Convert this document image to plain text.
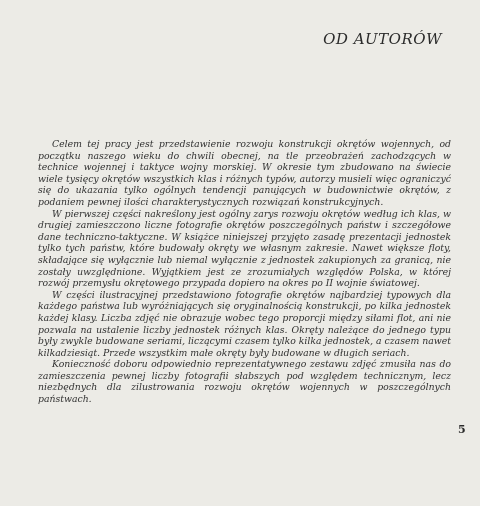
OD AUTORÓW

Celem tej pracy jest przedstawienie rozwoju konstrukcji okrętów wojennych, od początku naszego wieku do chwili obecnej, na tle przeobrażeń zachodzących w technice wojennej i taktyce wojny morskiej. W okresie tym zbudowano na świecie wiele tysięcy okrętów wszystkich klas i różnych typów, autorzy musieli więc ograniczyć się do ukazania tylko ogólnych tendencji panujących w budownictwie okrętów, z podaniem pewnej ilości charakterystycznych rozwiązań konstrukcyjnych.

W pierwszej części nakreślony jest ogólny zarys rozwoju okrętów według ich klas, w drugiej zamieszczono liczne fotografie okrętów poszczególnych państw i szczegółowe dane techniczno-taktyczne. W książce niniejszej przyjęto zasadę prezentacji jednostek tylko tych państw, które budowały okręty we własnym zakresie. Nawet większe floty, składające się wyłącznie lub niemal wyłącznie z jednostek zakupionych za granicą, nie zostały uwzględnione. Wyjątkiem jest ze zrozumiałych względów Polska, w której rozwój przemysłu okrętowego przypada dopiero na okres po II wojnie światowej.

W części ilustracyjnej przedstawiono fotografie okrętów najbardziej typowych dla każdego państwa lub wyróżniających się oryginalnością konstrukcji, po kilka jednostek każdej klasy. Liczba zdjęć nie obrazuje wobec tego proporcji między siłami flot, ani nie pozwala na ustalenie liczby jednostek różnych klas. Okręty należące do jednego typu były zwykle budowane seriami, liczącymi czasem tylko kilka jednostek, a czasem nawet kilkadziesiąt. Przede wszystkim małe okręty były budowane w długich seriach.

Konieczność doboru odpowiednio reprezentatywnego zestawu zdjęć zmusiła nas do zamieszczenia pewnej liczby fotografii słabszych pod względem technicznym, lecz niezbędnych dla zilustrowania rozwoju okrętów wojennych w poszczególnych państwach.

5
